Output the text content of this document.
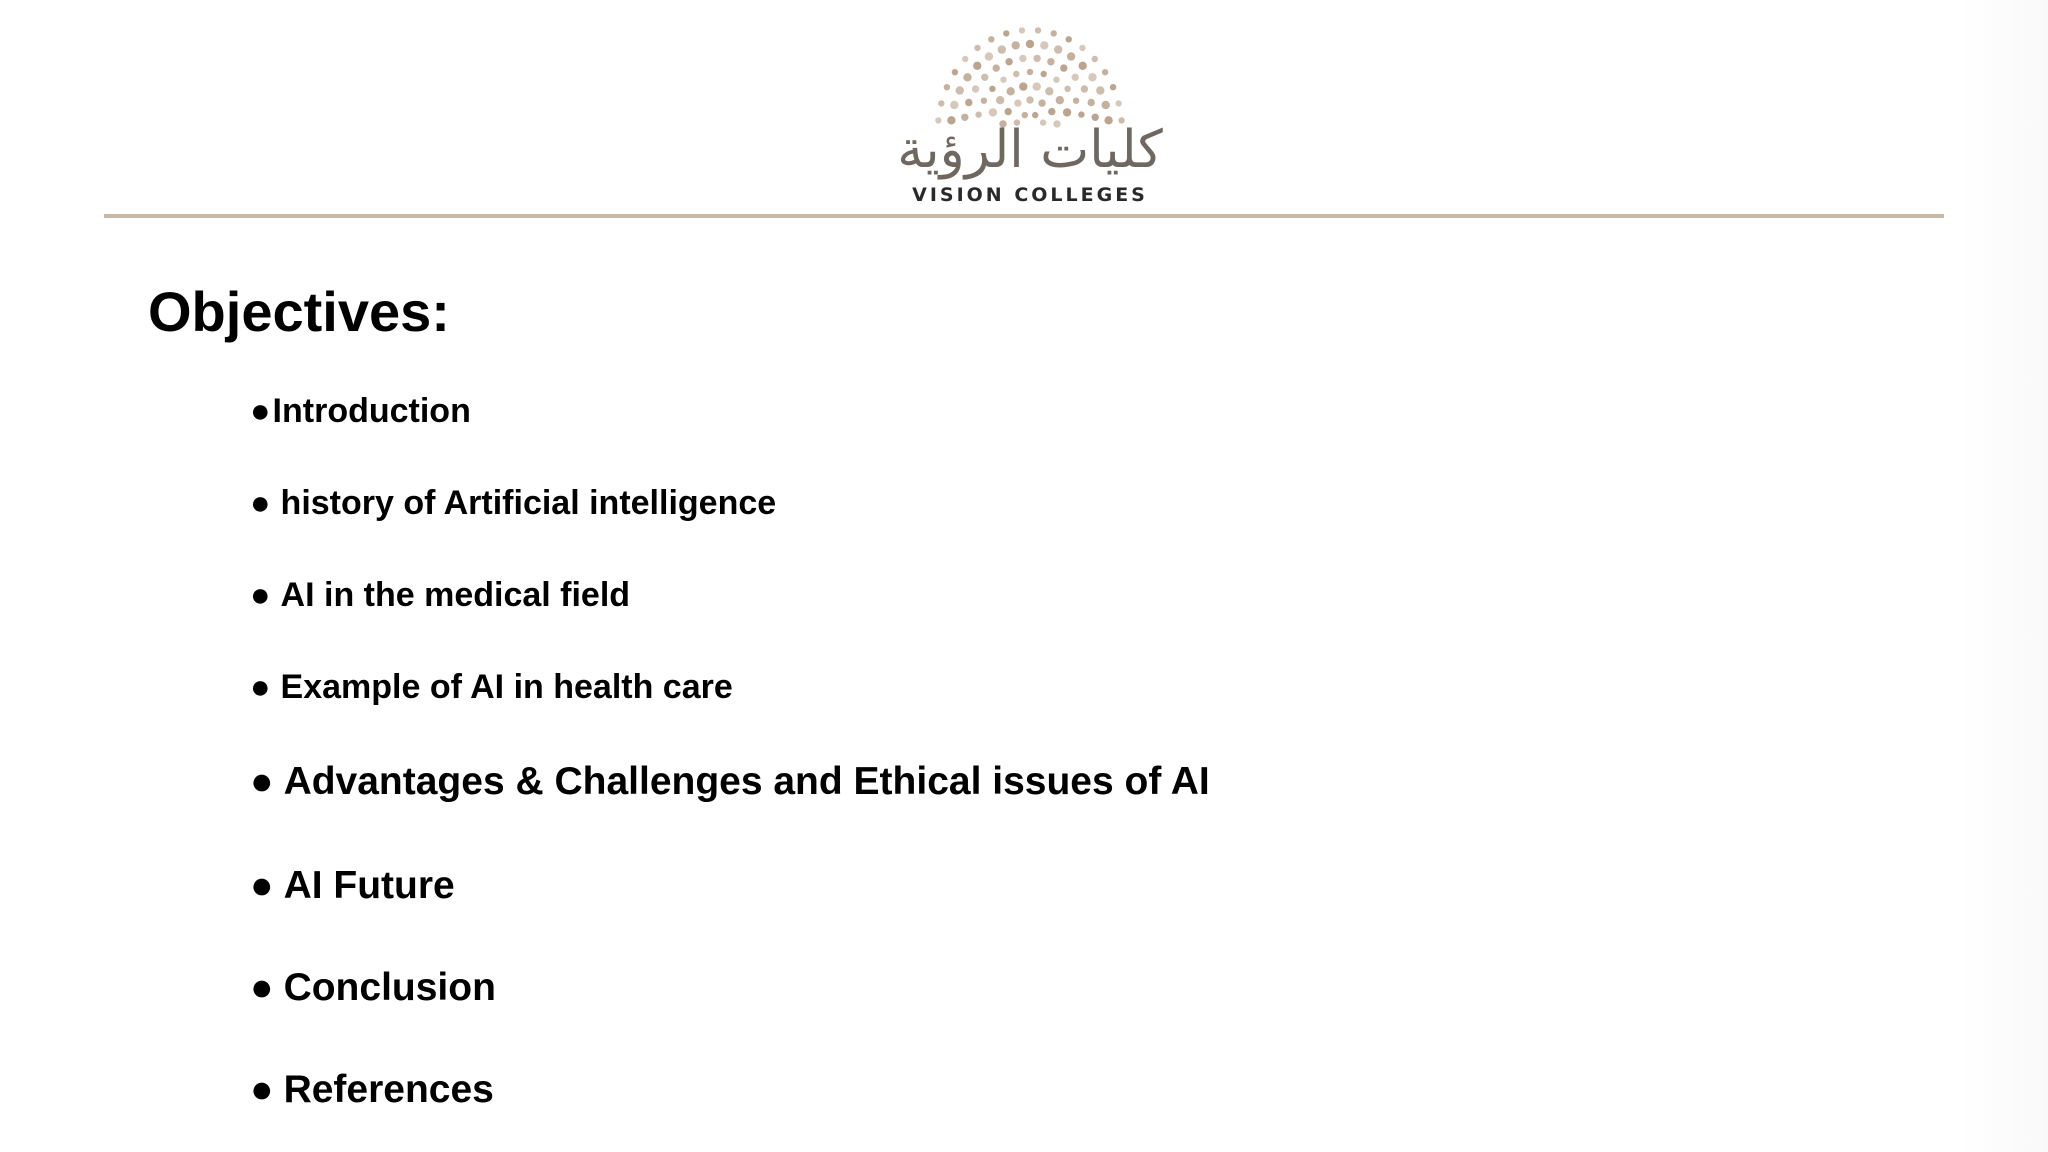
كليات الرؤية
VISION COLLEGES
Objectives:
●Introduction
● history of Artificial intelligence
● AI in the medical field
● Example of AI in health care
● Advantages & Challenges and Ethical issues of AI
● AI Future
● Conclusion
● References
